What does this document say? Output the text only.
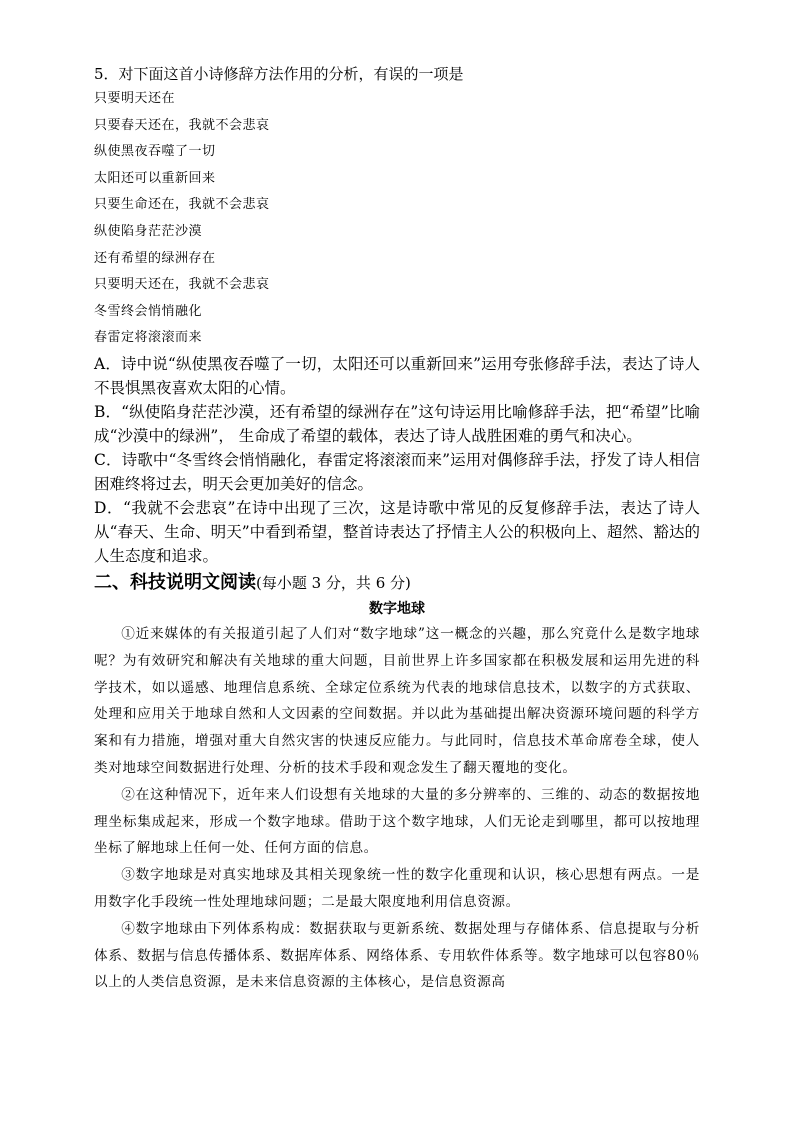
5．对下面这首小诗修辞方法作用的分析，有误的一项是
只要明天还在
只要春天还在，我就不会悲哀
纵使黑夜吞噬了一切
太阳还可以重新回来
只要生命还在，我就不会悲哀
纵使陷身茫茫沙漠
还有希望的绿洲存在
只要明天还在，我就不会悲哀
冬雪终会悄悄融化
春雷定将滚滚而来
A．诗中说“纵使黑夜吞噬了一切，太阳还可以重新回来”运用夸张修辞手法，表达了诗人不畏惧黑夜喜欢太阳的心情。
B．“纵使陷身茫茫沙漠，还有希望的绿洲存在”这句诗运用比喻修辞手法，把“希望”比喻成“沙漠中的绿洲”， 生命成了希望的载体，表达了诗人战胜困难的勇气和决心。
C．诗歌中“冬雪终会悄悄融化，春雷定将滚滚而来”运用对偶修辞手法，抒发了诗人相信困难终将过去，明天会更加美好的信念。
D．“我就不会悲哀”在诗中出现了三次，这是诗歌中常见的反复修辞手法，表达了诗人从“春天、生命、明天”中看到希望，整首诗表达了抒情主人公的积极向上、超然、豁达的人生态度和追求。
二、科技说明文阅读(每小题 3 分，共 6 分)
数字地球

①近来媒体的有关报道引起了人们对“数字地球”这一概念的兴趣，那么究竟什么是数字地球呢？为有效研究和解决有关地球的重大问题，目前世界上许多国家都在积极发展和运用先进的科学技术，如以遥感、地理信息系统、全球定位系统为代表的地球信息技术，以数字的方式获取、处理和应用关于地球自然和人文因素的空间数据。并以此为基础提出解决资源环境问题的科学方案和有力措施，增强对重大自然灾害的快速反应能力。与此同时，信息技术革命席卷全球，使人类对地球空间数据进行处理、分析的技术手段和观念发生了翻天覆地的变化。

②在这种情况下，近年来人们设想有关地球的大量的多分辨率的、三维的、动态的数据按地理坐标集成起来，形成一个数字地球。借助于这个数字地球，人们无论走到哪里，都可以按地理坐标了解地球上任何一处、任何方面的信息。

③数字地球是对真实地球及其相关现象统一性的数字化重现和认识，核心思想有两点。一是用数字化手段统一性处理地球问题；二是最大限度地利用信息资源。

④数字地球由下列体系构成：数据获取与更新系统、数据处理与存储体系、信息提取与分析体系、数据与信息传播体系、数据库体系、网络体系、专用软件体系等。数字地球可以包容80％以上的人类信息资源，是未来信息资源的主体核心，是信息资源高
